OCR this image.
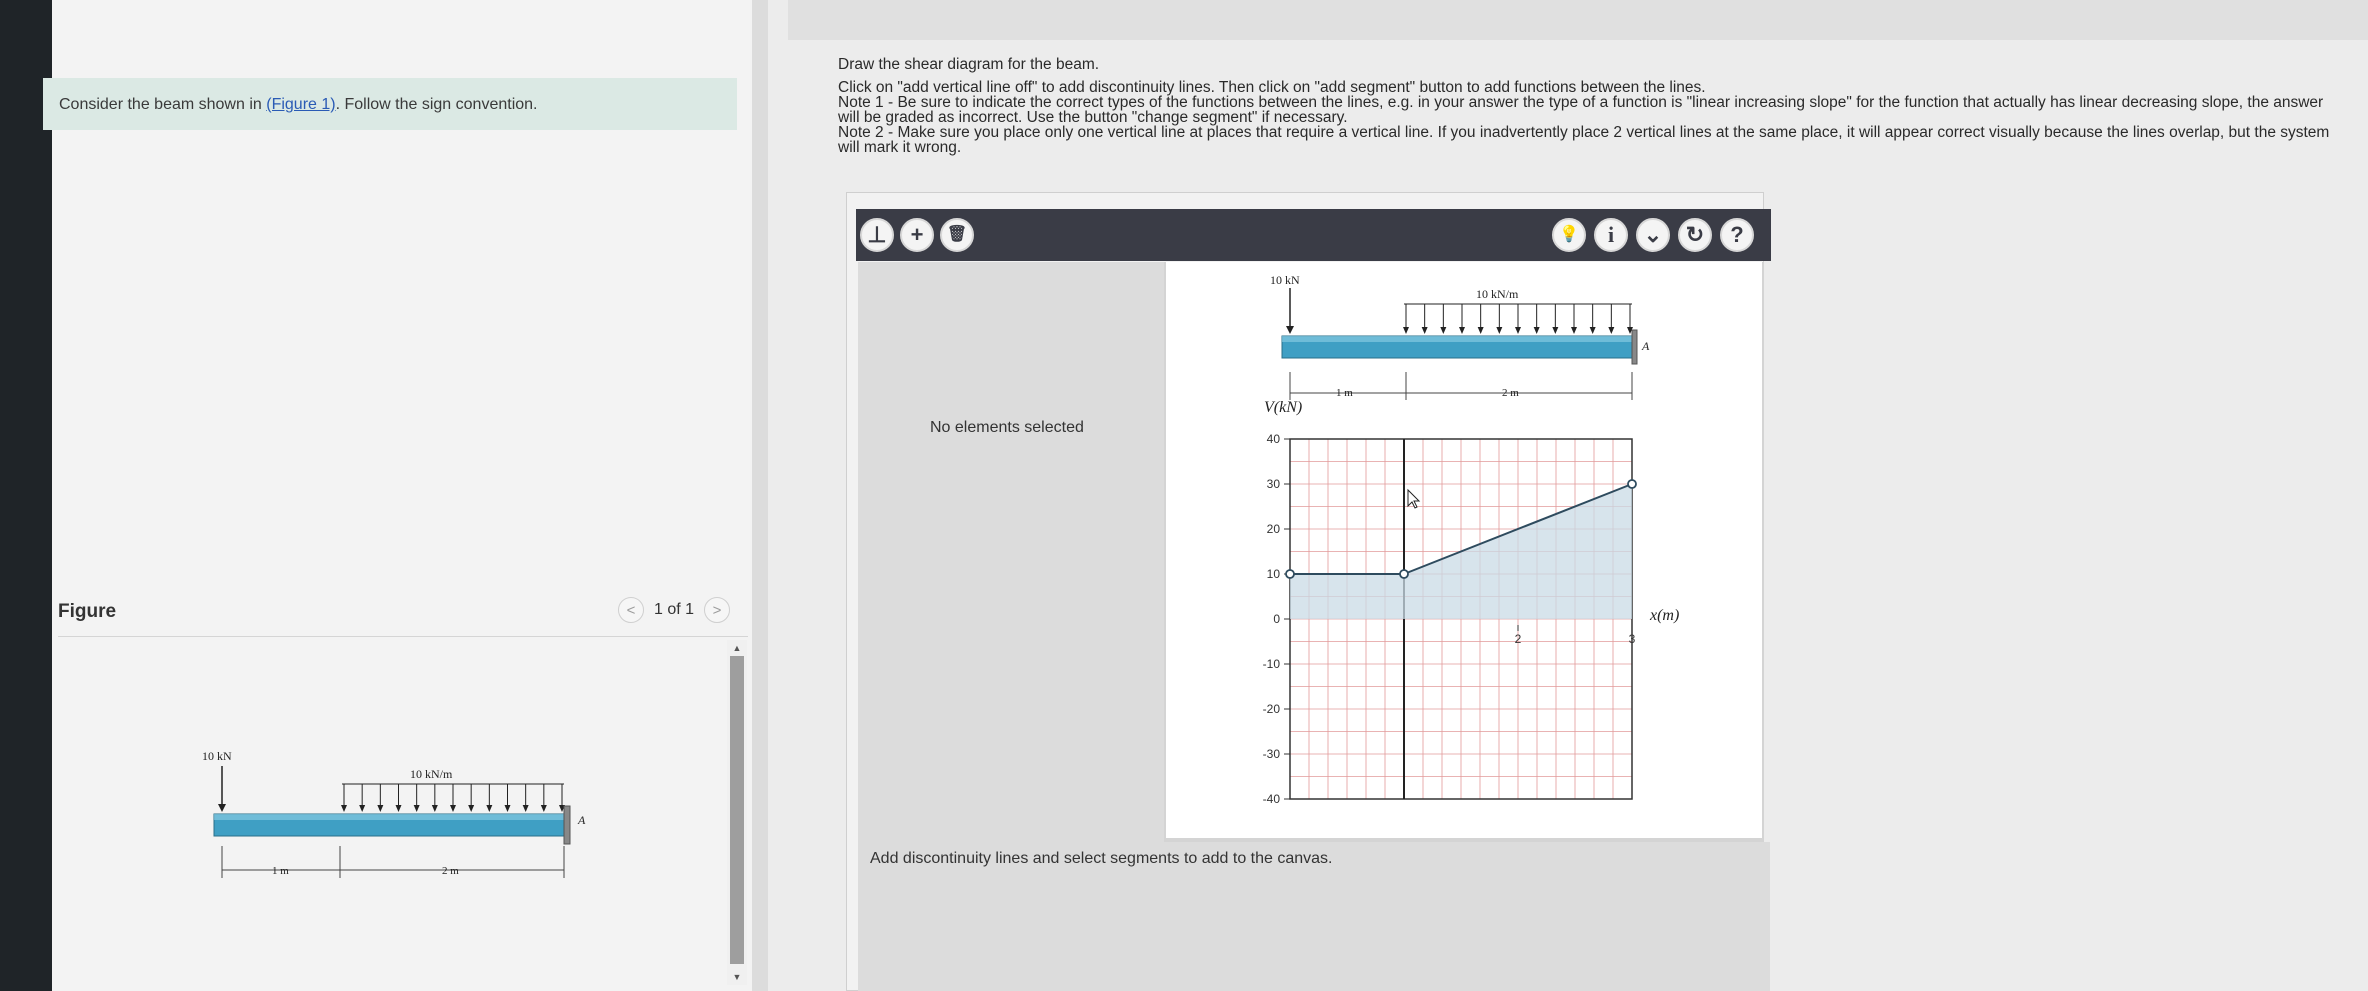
Consider the beam shown in (Figure 1). Follow the sign convention.
Figure	<	1 of 1	>
▲
▼
10 kN
10 kN/m
A
1 m	2 m
Draw the shear diagram for the beam.

Click on "add vertical line off" to add discontinuity lines. Then click on "add segment" button to add functions between the lines.

Note 1 - Be sure to indicate the correct types of the functions between the lines, e.g. in your answer the type of a function is "linear increasing slope" for the function that actually has linear decreasing slope, the answer will be graded as incorrect. Use the button "change segment" if necessary.

Note 2 - Make sure you place only one vertical line at places that require a vertical line. If you inadvertently place 2 vertical lines at the same place, it will appear correct visually because the lines overlap, but the system will mark it wrong.

⊥ + 🗑	💡 i ⌄ ↻ ?
No elements selected
10 kN
10 kN/m
A
1 m	2 m
V(kN)
x(m)
40
30
20
10
0
-10
-20
-30
-40
2	3
Add discontinuity lines and select segments to add to the canvas.
